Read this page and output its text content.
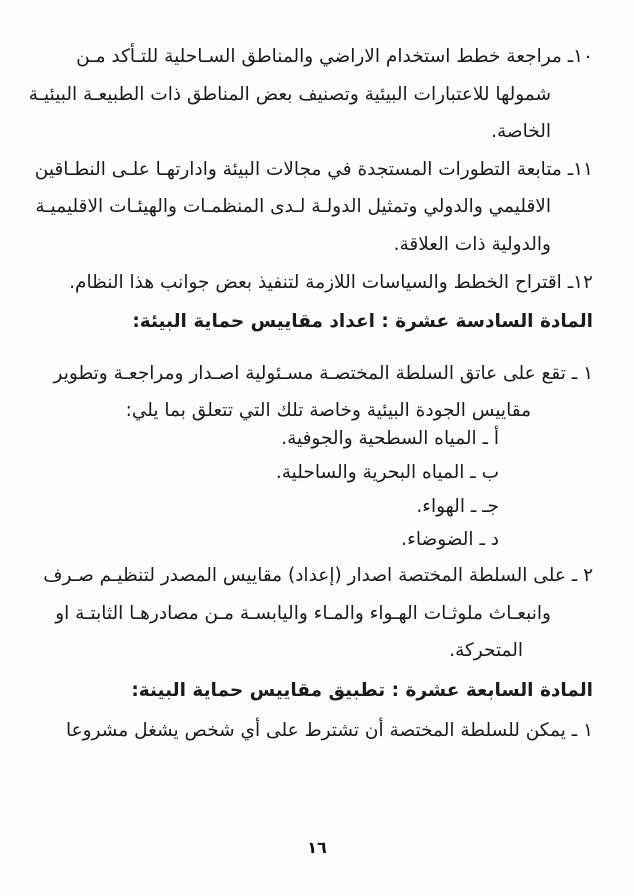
١٠ـ مراجعة خطط استخدام الاراضي والمناطق السـاحلية للتـأكد مـن
شمولها للاعتبارات البيئية وتصنيف بعض المناطق ذات الطبيعـة البيئيـة
الخاصة.
١١ـ متابعة التطورات المستجدة في مجالات البيئة وادارتهـا علـى النطـاقين
الاقليمي والدولي وتمثيل الدولـة لـدى المنظمـات والهيئـات الاقليميـة
والدولية ذات العلاقة.
١٢ـ اقتراح الخطط والسياسات اللازمة لتنفيذ بعض جوانب هذا النظام.
المادة السادسة عشرة : اعداد مقاييس حماية البيئة:
١ ـ تقع على عاتق السلطة المختصـة مسـئولية اصـدار ومراجعـة وتطوير
مقاييس الجودة البيئية وخاصة تلك التي تتعلق بما يلي:
أ ـ المياه السطحية والجوفية.
ب ـ المياه البحرية والساحلية.
جـ ـ الهواء.
د ـ الضوضاء.
٢ ـ على السلطة المختصة اصدار (إعداد) مقاييس المصدر لتنظيـم صـرف
وانبعـاث ملوثـات الهـواء والمـاء واليابسـة مـن مصادرهـا الثابتـة او
المتحركة.
المادة السابعة عشرة : تطبيق مقاييس حماية البينة:
١ ـ يمكن للسلطة المختصة أن تشترط على أي شخص يشغل مشروعا
١٦
